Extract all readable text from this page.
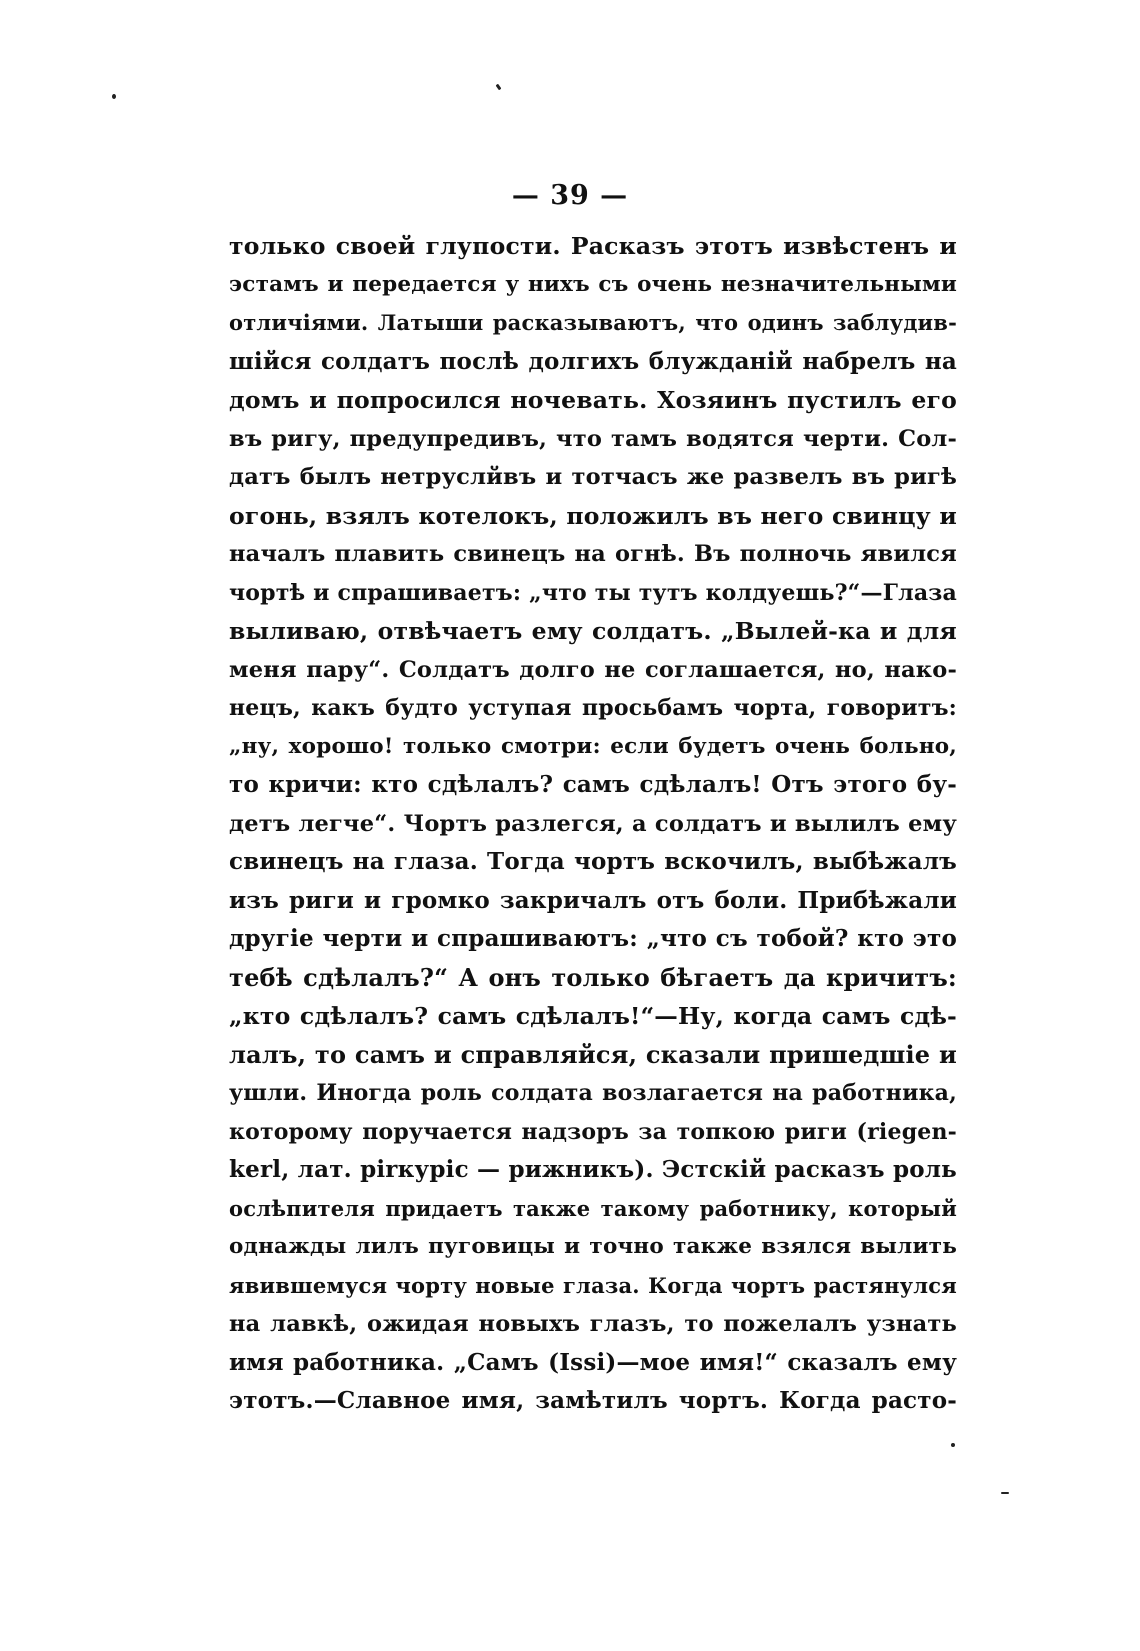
— 39 —
только своей глупости. Расказъ этотъ извѣстенъ и
эстамъ и передается у нихъ съ очень незначительными
отличіями. Латыши расказываютъ, что одинъ заблудив-
шійся солдатъ послѣ долгихъ блужданій набрелъ на
домъ и попросился ночевать. Хозяинъ пустилъ его
въ ригу, предупредивъ, что тамъ водятся черти. Сол-
датъ былъ нетруслйвъ и тотчасъ же развелъ въ ригѣ
огонь, взялъ котелокъ, положилъ въ него свинцу и
началъ плавить свинецъ на огнѣ. Въ полночь явился
чортѣ и спрашиваетъ: „что ты тутъ колдуешь?“—Глаза
выливаю, отвѣчаетъ ему солдатъ. „Вылей-ка и для
меня пару“. Солдатъ долго не соглашается, но, нако-
нецъ, какъ будто уступая просьбамъ чорта, говоритъ:
„ну, хорошо! только смотри: если будетъ очень больно,
то кричи: кто сдѣлалъ? самъ сдѣлалъ! Отъ этого бу-
детъ легче“. Чортъ разлегся, а солдатъ и вылилъ ему
свинецъ на глаза. Тогда чортъ вскочилъ, выбѣжалъ
изъ риги и громко закричалъ отъ боли. Прибѣжали
другіе черти и спрашиваютъ: „что съ тобой? кто это
тебѣ сдѣлалъ?“ А онъ только бѣгаетъ да кричитъ:
„кто сдѣлалъ? самъ сдѣлалъ!“—Ну, когда самъ сдѣ-
лалъ, то самъ и справляйся, сказали пришедшіе и
ушли. Иногда роль солдата возлагается на работника,
которому поручается надзоръ за топкою риги (riegen-
kerl, лат. ріrкуріс — рижникъ). Эстскій расказъ роль
ослѣпителя придаетъ также такому работнику, который
однажды лилъ пуговицы и точно также взялся вылить
явившемуся чорту новые глаза. Когда чортъ растянулся
на лавкѣ, ожидая новыхъ глазъ, то пожелалъ узнать
имя работника. „Самъ (Issi)—мое имя!“ сказалъ ему
этотъ.—Славное имя, замѣтилъ чортъ. Когда расто-
